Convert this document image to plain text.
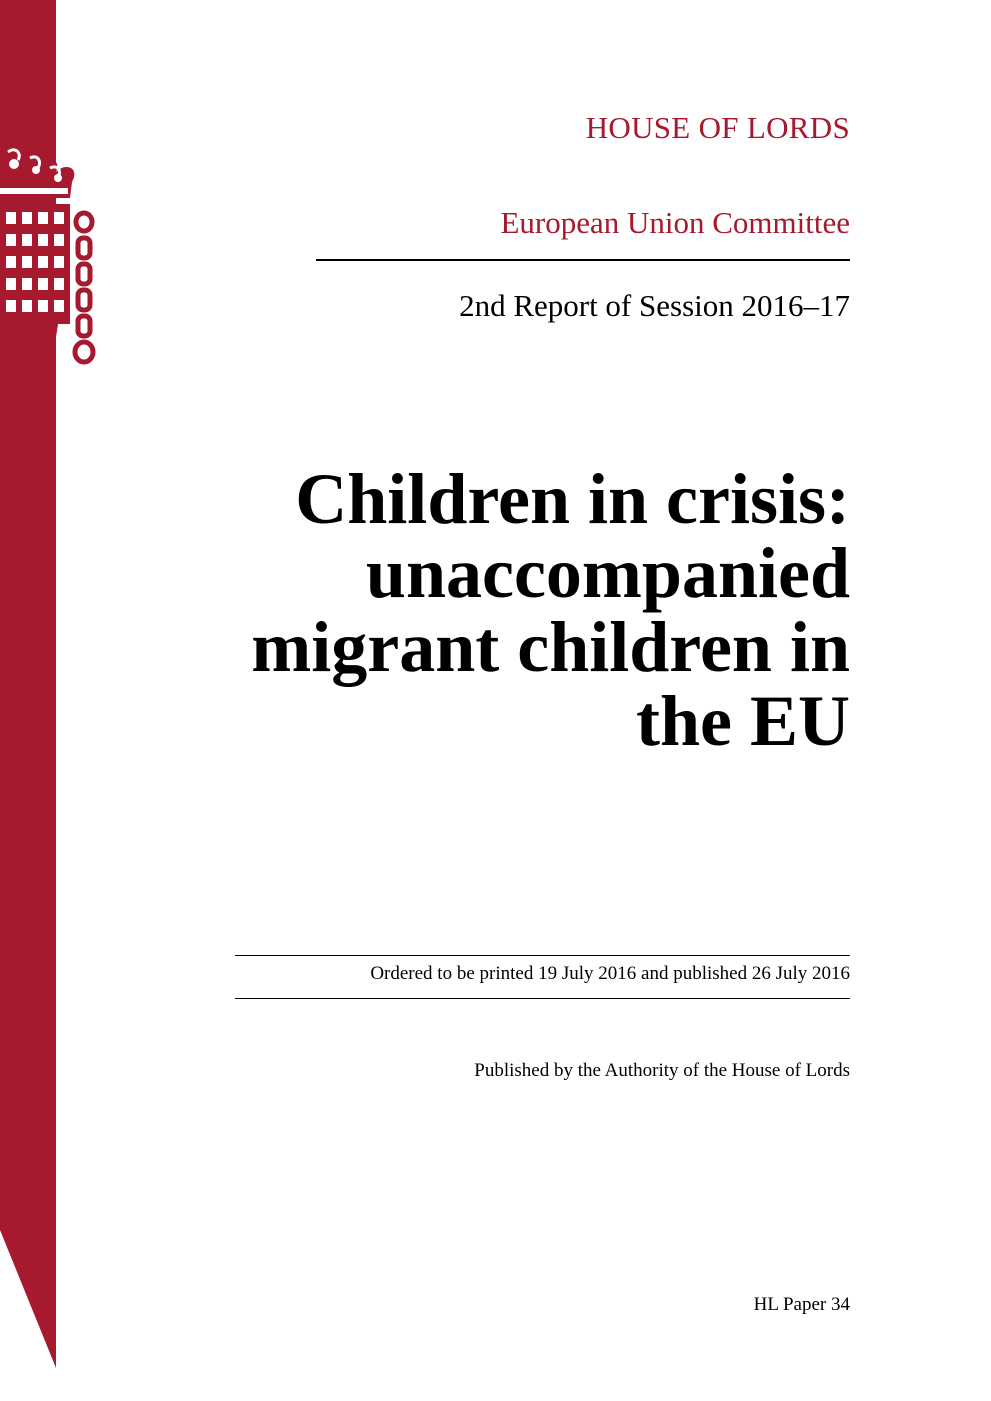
HOUSE OF LORDS
European Union Committee
2nd Report of Session 2016–17
Children in crisis: unaccompanied migrant children in the EU
Ordered to be printed 19 July 2016 and published 26 July 2016
Published by the Authority of the House of Lords
HL Paper 34
